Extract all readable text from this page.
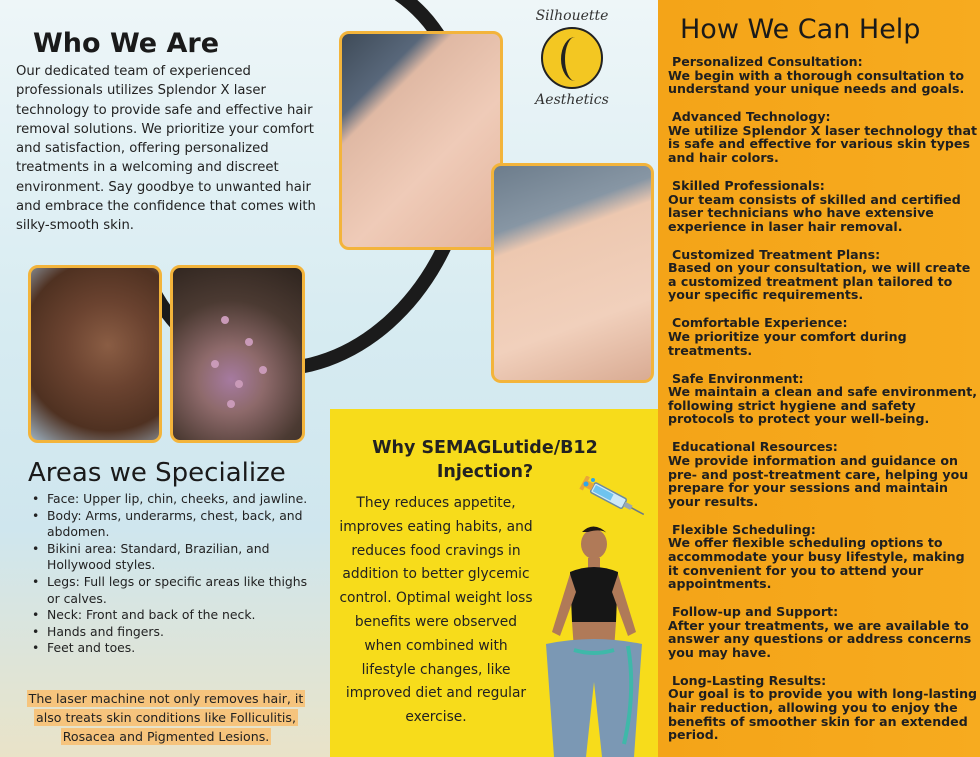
Who We Are
Our dedicated team of experienced professionals utilizes Splendor X laser technology to provide safe and effective hair removal solutions. We prioritize your comfort and satisfaction, offering personalized treatments in a welcoming and discreet environment. Say goodbye to unwanted hair and embrace the confidence that comes with silky-smooth skin.
Silhouette
Aesthetics
Areas we Specialize
• Face: Upper lip, chin, cheeks, and jawline.
• Body: Arms, underarms, chest, back, and abdomen.
• Bikini area: Standard, Brazilian, and Hollywood styles.
• Legs: Full legs or specific areas like thighs or calves.
• Neck: Front and back of the neck.
• Hands and fingers.
• Feet and toes.
The laser machine not only removes hair, it also treats skin conditions like Folliculitis, Rosacea and Pigmented Lesions.
Why SEMAGLutide/B12 Injection?
They reduces appetite, improves eating habits, and reduces food cravings in addition to better glycemic control. Optimal weight loss benefits were observed when combined with lifestyle changes, like improved diet and regular exercise.
How We Can Help
Personalized Consultation:
We begin with a thorough consultation to understand your unique needs and goals.
Advanced Technology:
We utilize Splendor X laser technology that is safe and effective for various skin types and hair colors.
Skilled Professionals:
Our team consists of skilled and certified laser technicians who have extensive experience in laser hair removal.
Customized Treatment Plans:
Based on your consultation, we will create a customized treatment plan tailored to your specific requirements.
Comfortable Experience:
We prioritize your comfort during treatments.
Safe Environment:
We maintain a clean and safe environment, following strict hygiene and safety protocols to protect your well-being.
Educational Resources:
We provide information and guidance on pre- and post-treatment care, helping you prepare for your sessions and maintain your results.
Flexible Scheduling:
We offer flexible scheduling options to accommodate your busy lifestyle, making it convenient for you to attend your appointments.
Follow-up and Support:
After your treatments, we are available to answer any questions or address concerns you may have.
Long-Lasting Results:
Our goal is to provide you with long-lasting hair reduction, allowing you to enjoy the benefits of smoother skin for an extended period.
